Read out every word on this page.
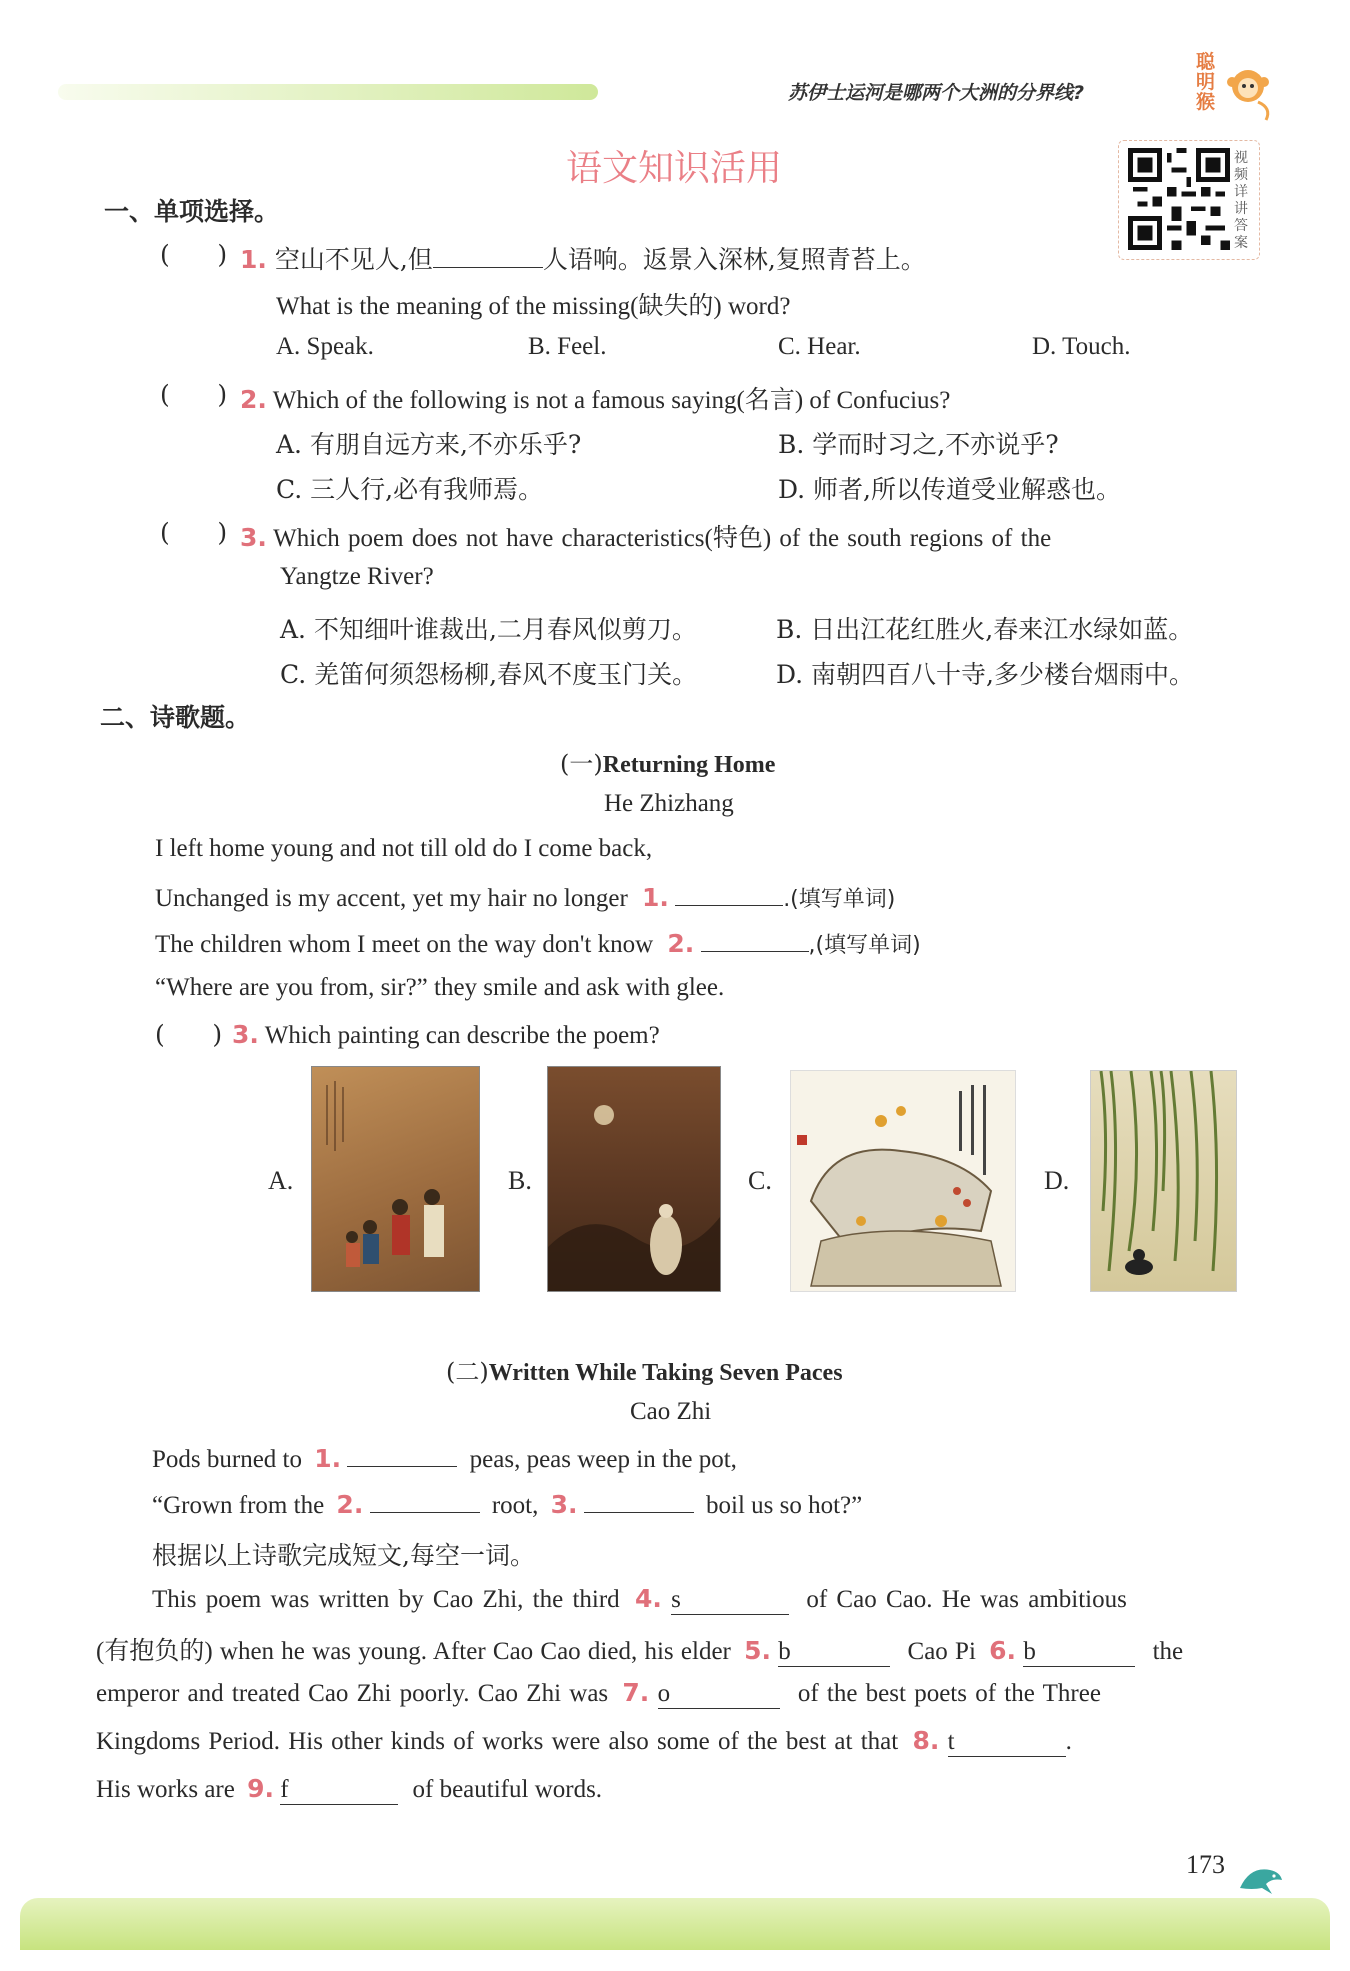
苏伊士运河是哪两个大洲的分界线?
聪明猴
语文知识活用	视频详讲答案
一、单项选择。
(      ) 1. 空山不见人,但	人语响。返景入深林,复照青苔上。
What is the meaning of the missing(缺失的) word?
A. Speak.	B. Feel.	C. Hear.	D. Touch.
(      ) 2. Which of the following is not a famous saying(名言) of Confucius?
A. 有朋自远方来,不亦乐乎?	B. 学而时习之,不亦说乎?
C. 三人行,必有我师焉。	D. 师者,所以传道受业解惑也。
(      ) 3. Which poem does not have characteristics(特色) of the south regions of the
Yangtze River?
A. 不知细叶谁裁出,二月春风似剪刀。	B. 日出江花红胜火,春来江水绿如蓝。
C. 羌笛何须怨杨柳,春风不度玉门关。	D. 南朝四百八十寺,多少楼台烟雨中。
二、诗歌题。
(一)Returning Home
He Zhizhang
I left home young and not till old do I come back,
Unchanged is my accent, yet my hair no longer 1.	.(填写单词)
The children whom I meet on the way don't know 2.	,(填写单词)
“Where are you from, sir?” they smile and ask with glee.
(      ) 3. Which painting can describe the poem?
A.	B.	C.	D.
(二)Written While Taking Seven Paces
Cao Zhi
Pods burned to 1.	peas, peas weep in the pot,
“Grown from the 2.	root, 3.	boil us so hot?”
根据以上诗歌完成短文,每空一词。
This poem was written by Cao Zhi, the third 4. s	of Cao Cao. He was ambitious
(有抱负的) when he was young. After Cao Cao died, his elder 5. b	Cao Pi 6. b	the
emperor and treated Cao Zhi poorly. Cao Zhi was 7. o	of the best poets of the Three
Kingdoms Period. His other kinds of works were also some of the best at that 8. t	.
His works are 9. f	of beautiful words.
173
